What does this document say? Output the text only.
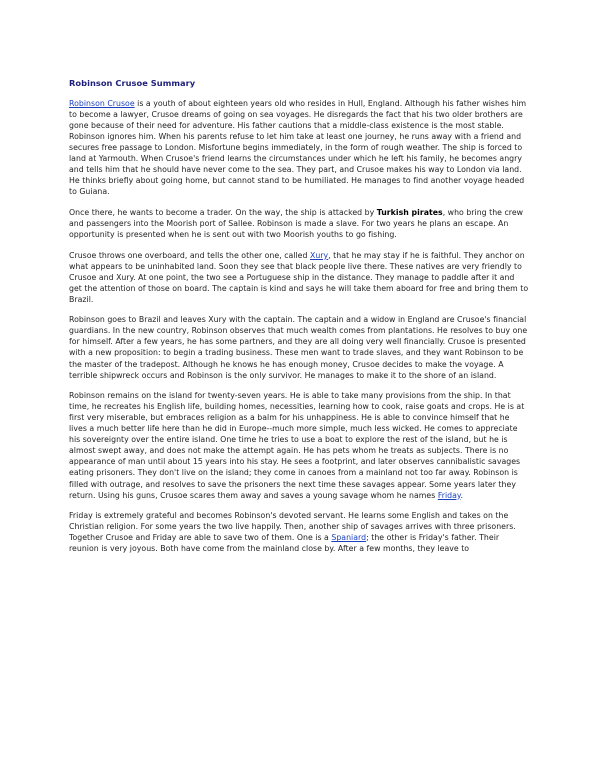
Robinson Crusoe Summary

Robinson Crusoe is a youth of about eighteen years old who resides in Hull, England. Although his father wishes him to become a lawyer, Crusoe dreams of going on sea voyages. He disregards the fact that his two older brothers are gone because of their need for adventure. His father cautions that a middle-class existence is the most stable. Robinson ignores him. When his parents refuse to let him take at least one journey, he runs away with a friend and secures free passage to London. Misfortune begins immediately, in the form of rough weather. The ship is forced to land at Yarmouth. When Crusoe's friend learns the circumstances under which he left his family, he becomes angry and tells him that he should have never come to the sea. They part, and Crusoe makes his way to London via land. He thinks briefly about going home, but cannot stand to be humiliated. He manages to find another voyage headed to Guiana.

Once there, he wants to become a trader. On the way, the ship is attacked by Turkish pirates, who bring the crew and passengers into the Moorish port of Sallee. Robinson is made a slave. For two years he plans an escape. An opportunity is presented when he is sent out with two Moorish youths to go fishing.

Crusoe throws one overboard, and tells the other one, called Xury, that he may stay if he is faithful. They anchor on what appears to be uninhabited land. Soon they see that black people live there. These natives are very friendly to Crusoe and Xury. At one point, the two see a Portuguese ship in the distance. They manage to paddle after it and get the attention of those on board. The captain is kind and says he will take them aboard for free and bring them to Brazil.

Robinson goes to Brazil and leaves Xury with the captain. The captain and a widow in England are Crusoe's financial guardians. In the new country, Robinson observes that much wealth comes from plantations. He resolves to buy one for himself. After a few years, he has some partners, and they are all doing very well financially. Crusoe is presented with a new proposition: to begin a trading business. These men want to trade slaves, and they want Robinson to be the master of the tradepost. Although he knows he has enough money, Crusoe decides to make the voyage. A terrible shipwreck occurs and Robinson is the only survivor. He manages to make it to the shore of an island.

Robinson remains on the island for twenty-seven years. He is able to take many provisions from the ship. In that time, he recreates his English life, building homes, necessities, learning how to cook, raise goats and crops. He is at first very miserable, but embraces religion as a balm for his unhappiness. He is able to convince himself that he lives a much better life here than he did in Europe--much more simple, much less wicked. He comes to appreciate his sovereignty over the entire island. One time he tries to use a boat to explore the rest of the island, but he is almost swept away, and does not make the attempt again. He has pets whom he treats as subjects. There is no appearance of man until about 15 years into his stay. He sees a footprint, and later observes cannibalistic savages eating prisoners. They don't live on the island; they come in canoes from a mainland not too far away. Robinson is filled with outrage, and resolves to save the prisoners the next time these savages appear. Some years later they return. Using his guns, Crusoe scares them away and saves a young savage whom he names Friday.

Friday is extremely grateful and becomes Robinson's devoted servant. He learns some English and takes on the Christian religion. For some years the two live happily. Then, another ship of savages arrives with three prisoners. Together Crusoe and Friday are able to save two of them. One is a Spaniard; the other is Friday's father. Their reunion is very joyous. Both have come from the mainland close by. After a few months, they leave to
